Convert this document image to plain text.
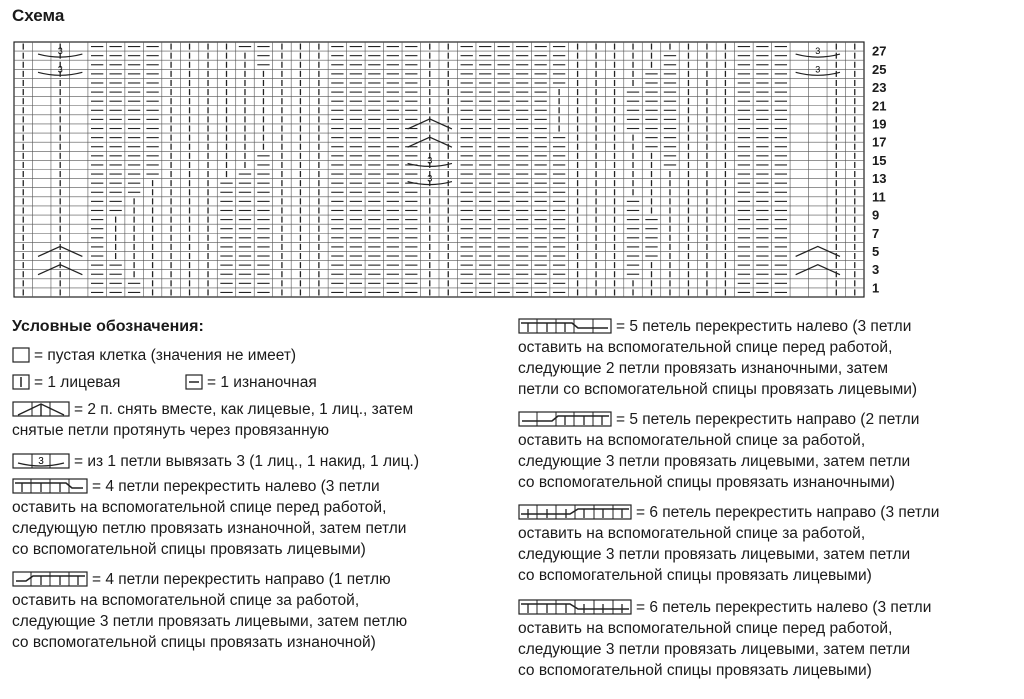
Схема
3
3
3
3
3
3
27
25
23
21
19
17
15
13
11
9
7
5
3
1
Условные обозначения:
= пустая клетка (значения не имеет)
= 1 лицевая	= 1 изнаночная
= 2 п. снять вместе, как лицевые, 1 лиц., затем
снятые петли протянуть через провязанную
3 = из 1 петли вывязать 3 (1 лиц., 1 накид, 1 лиц.)
= 4 петли перекрестить налево (3 петли
оставить на вспомогательной спице перед работой,
следующую петлю провязать изнаночной, затем петли
со вспомогательной спицы провязать лицевыми)
= 4 петли перекрестить направо (1 петлю
оставить на вспомогательной спице за работой,
следующие 3 петли провязать лицевыми, затем петлю
со вспомогательной спицы провязать изнаночной)
= 5 петель перекрестить налево (3 петли
оставить на вспомогательной спице перед работой,
следующие 2 петли провязать изнаночными, затем
петли со вспомогательной спицы провязать лицевыми)
= 5 петель перекрестить направо (2 петли
оставить на вспомогательной спице за работой,
следующие 3 петли провязать лицевыми, затем петли
со вспомогательной спицы провязать изнаночными)
= 6 петель перекрестить направо (3 петли
оставить на вспомогательной спице за работой,
следующие 3 петли провязать лицевыми, затем петли
со вспомогательной спицы провязать лицевыми)
= 6 петель перекрестить налево (3 петли
оставить на вспомогательной спице перед работой,
следующие 3 петли провязать лицевыми, затем петли
со вспомогательной спицы провязать лицевыми)
